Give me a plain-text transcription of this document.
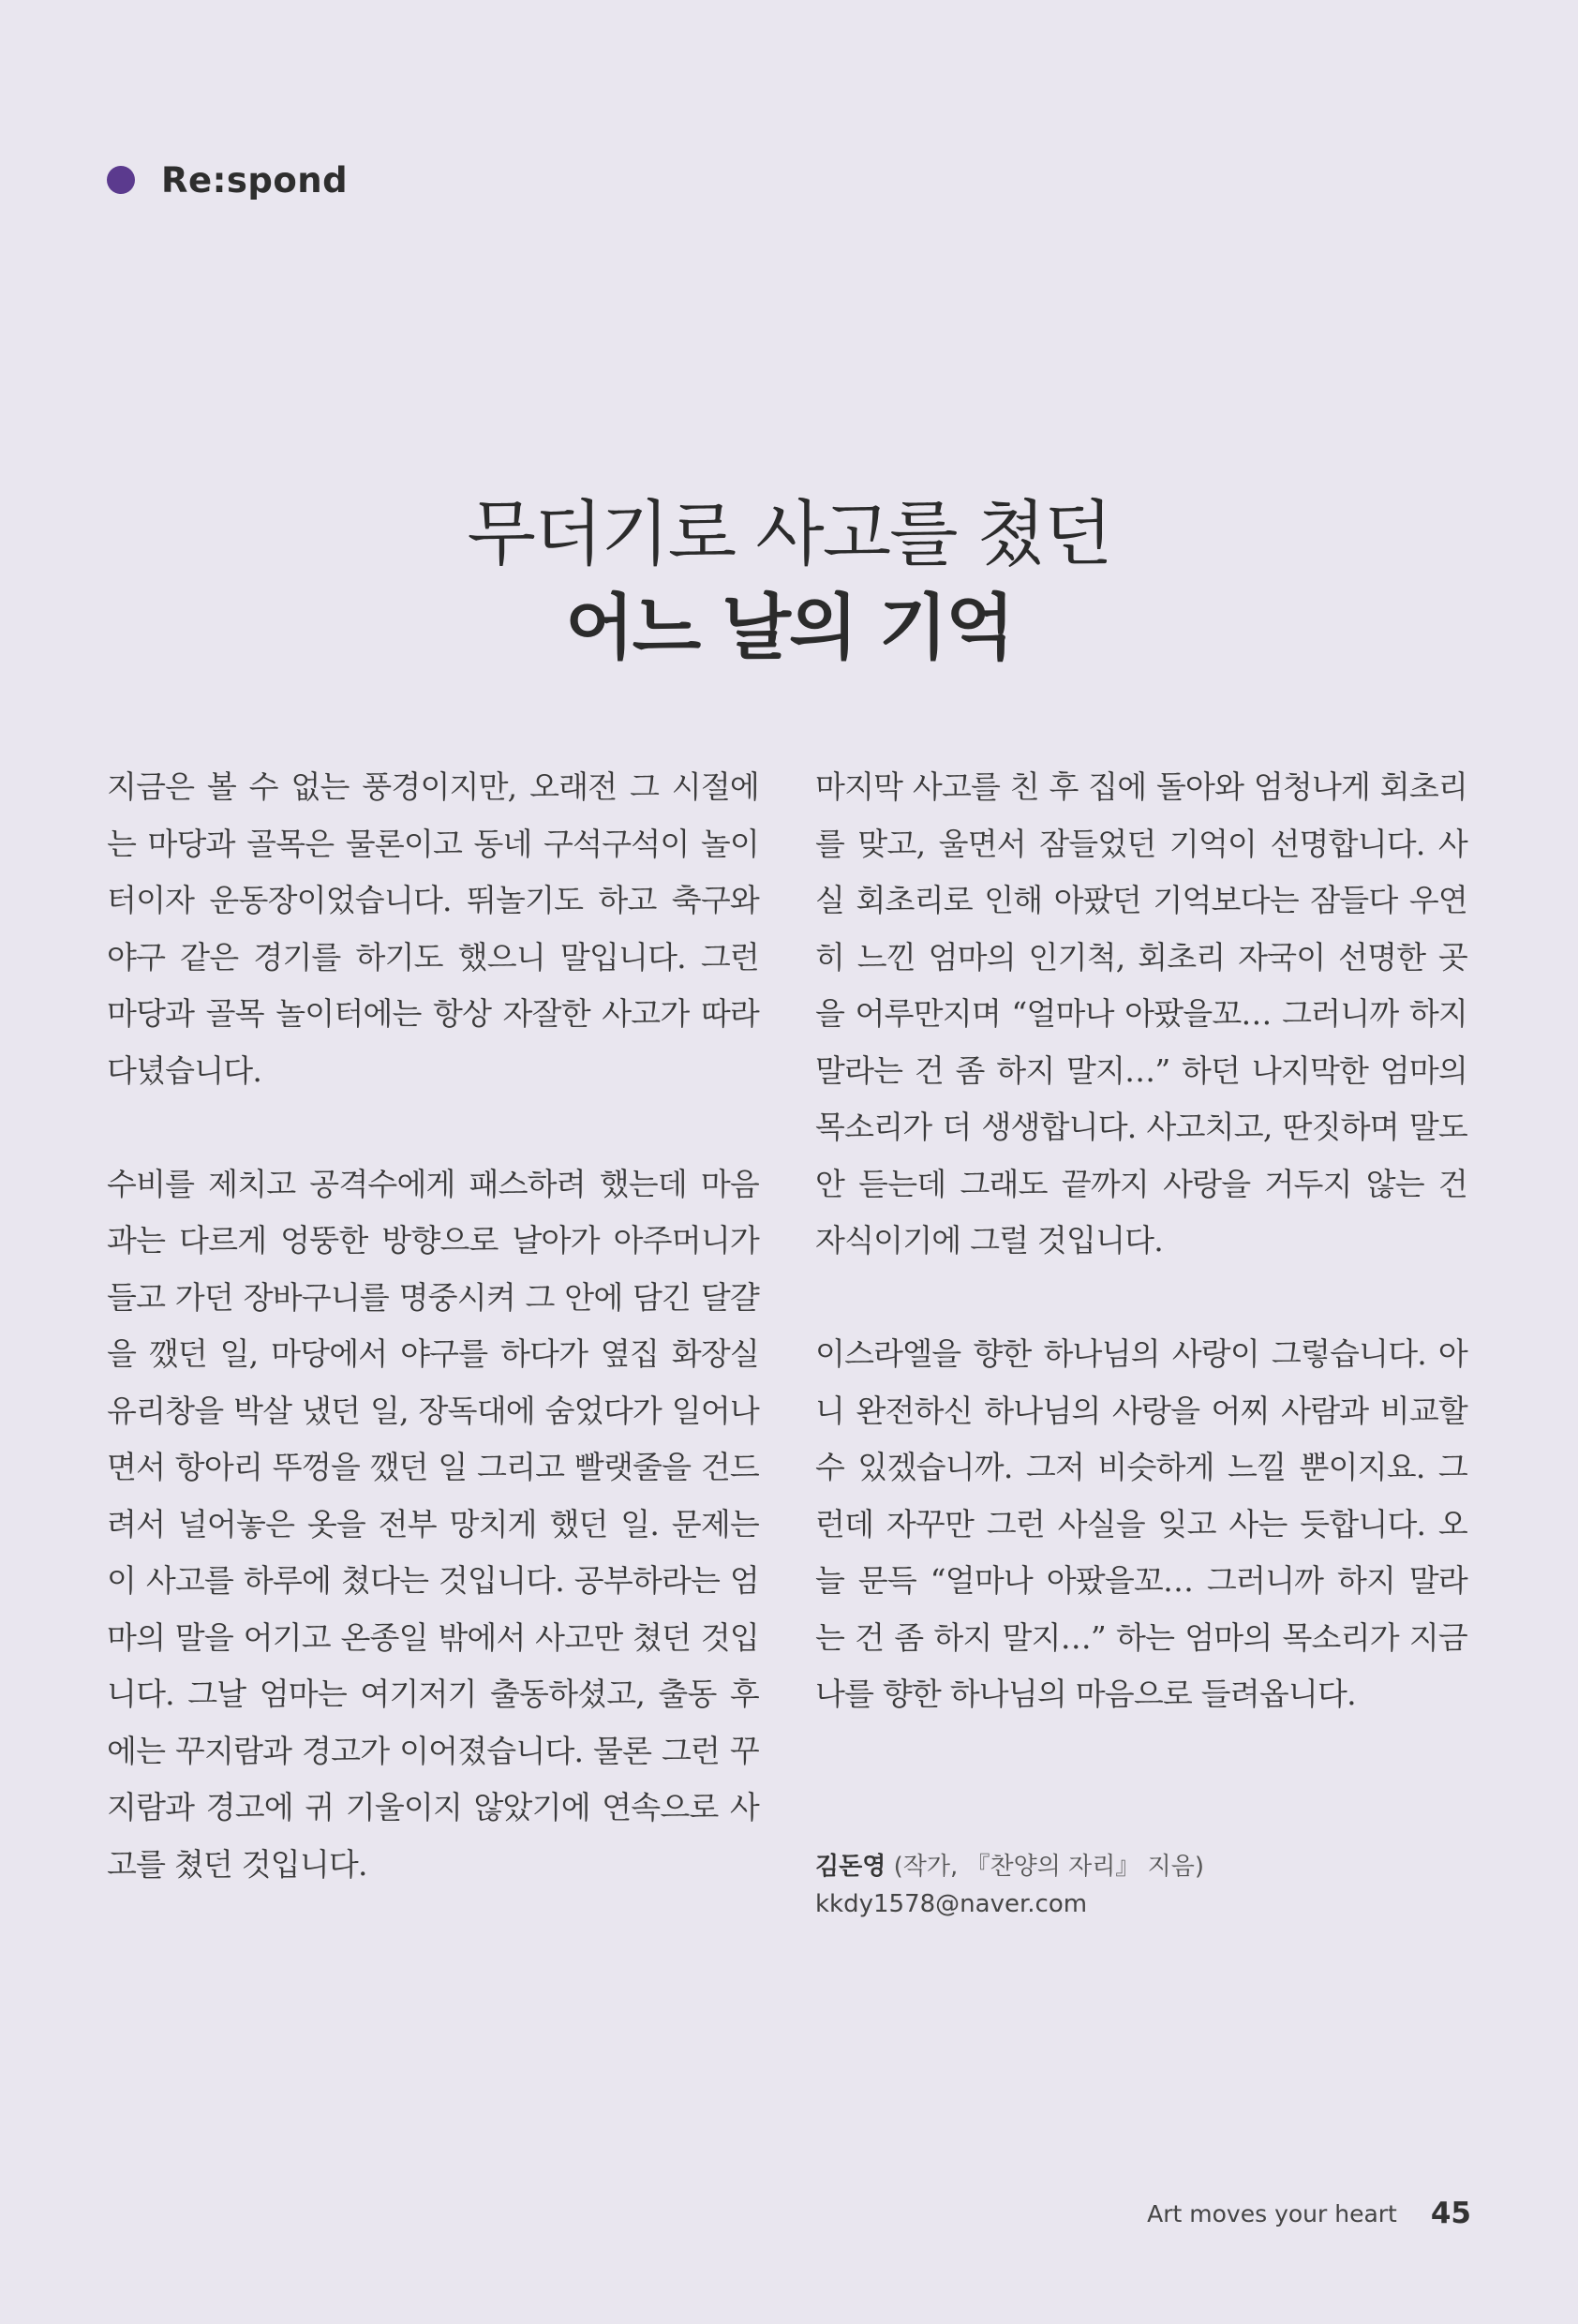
Re:spond
무더기로 사고를 쳤던
어느 날의 기억

지금은 볼 수 없는 풍경이지만, 오래전 그 시절에는 마당과 골목은 물론이고 동네 구석구석이 놀이터이자 운동장이었습니다. 뛰놀기도 하고 축구와 야구 같은 경기를 하기도 했으니 말입니다. 그런 마당과 골목 놀이터에는 항상 자잘한 사고가 따라다녔습니다.

수비를 제치고 공격수에게 패스하려 했는데 마음과는 다르게 엉뚱한 방향으로 날아가 아주머니가 들고 가던 장바구니를 명중시켜 그 안에 담긴 달걀을 깼던 일, 마당에서 야구를 하다가 옆집 화장실 유리창을 박살 냈던 일, 장독대에 숨었다가 일어나면서 항아리 뚜껑을 깼던 일 그리고 빨랫줄을 건드려서 널어놓은 옷을 전부 망치게 했던 일. 문제는 이 사고를 하루에 쳤다는 것입니다. 공부하라는 엄마의 말을 어기고 온종일 밖에서 사고만 쳤던 것입니다. 그날 엄마는 여기저기 출동하셨고, 출동 후에는 꾸지람과 경고가 이어졌습니다. 물론 그런 꾸지람과 경고에 귀 기울이지 않았기에 연속으로 사고를 쳤던 것입니다.

마지막 사고를 친 후 집에 돌아와 엄청나게 회초리를 맞고, 울면서 잠들었던 기억이 선명합니다. 사실 회초리로 인해 아팠던 기억보다는 잠들다 우연히 느낀 엄마의 인기척, 회초리 자국이 선명한 곳을 어루만지며 “얼마나 아팠을꼬… 그러니까 하지 말라는 건 좀 하지 말지…” 하던 나지막한 엄마의 목소리가 더 생생합니다. 사고치고, 딴짓하며 말도 안 듣는데 그래도 끝까지 사랑을 거두지 않는 건 자식이기에 그럴 것입니다.

이스라엘을 향한 하나님의 사랑이 그렇습니다. 아니 완전하신 하나님의 사랑을 어찌 사람과 비교할 수 있겠습니까. 그저 비슷하게 느낄 뿐이지요. 그런데 자꾸만 그런 사실을 잊고 사는 듯합니다. 오늘 문득 “얼마나 아팠을꼬… 그러니까 하지 말라는 건 좀 하지 말지…” 하는 엄마의 목소리가 지금 나를 향한 하나님의 마음으로 들려옵니다.

김돈영 (작가, 『찬양의 자리』 지음)
kkdy1578@naver.com
Art moves your heart 45
